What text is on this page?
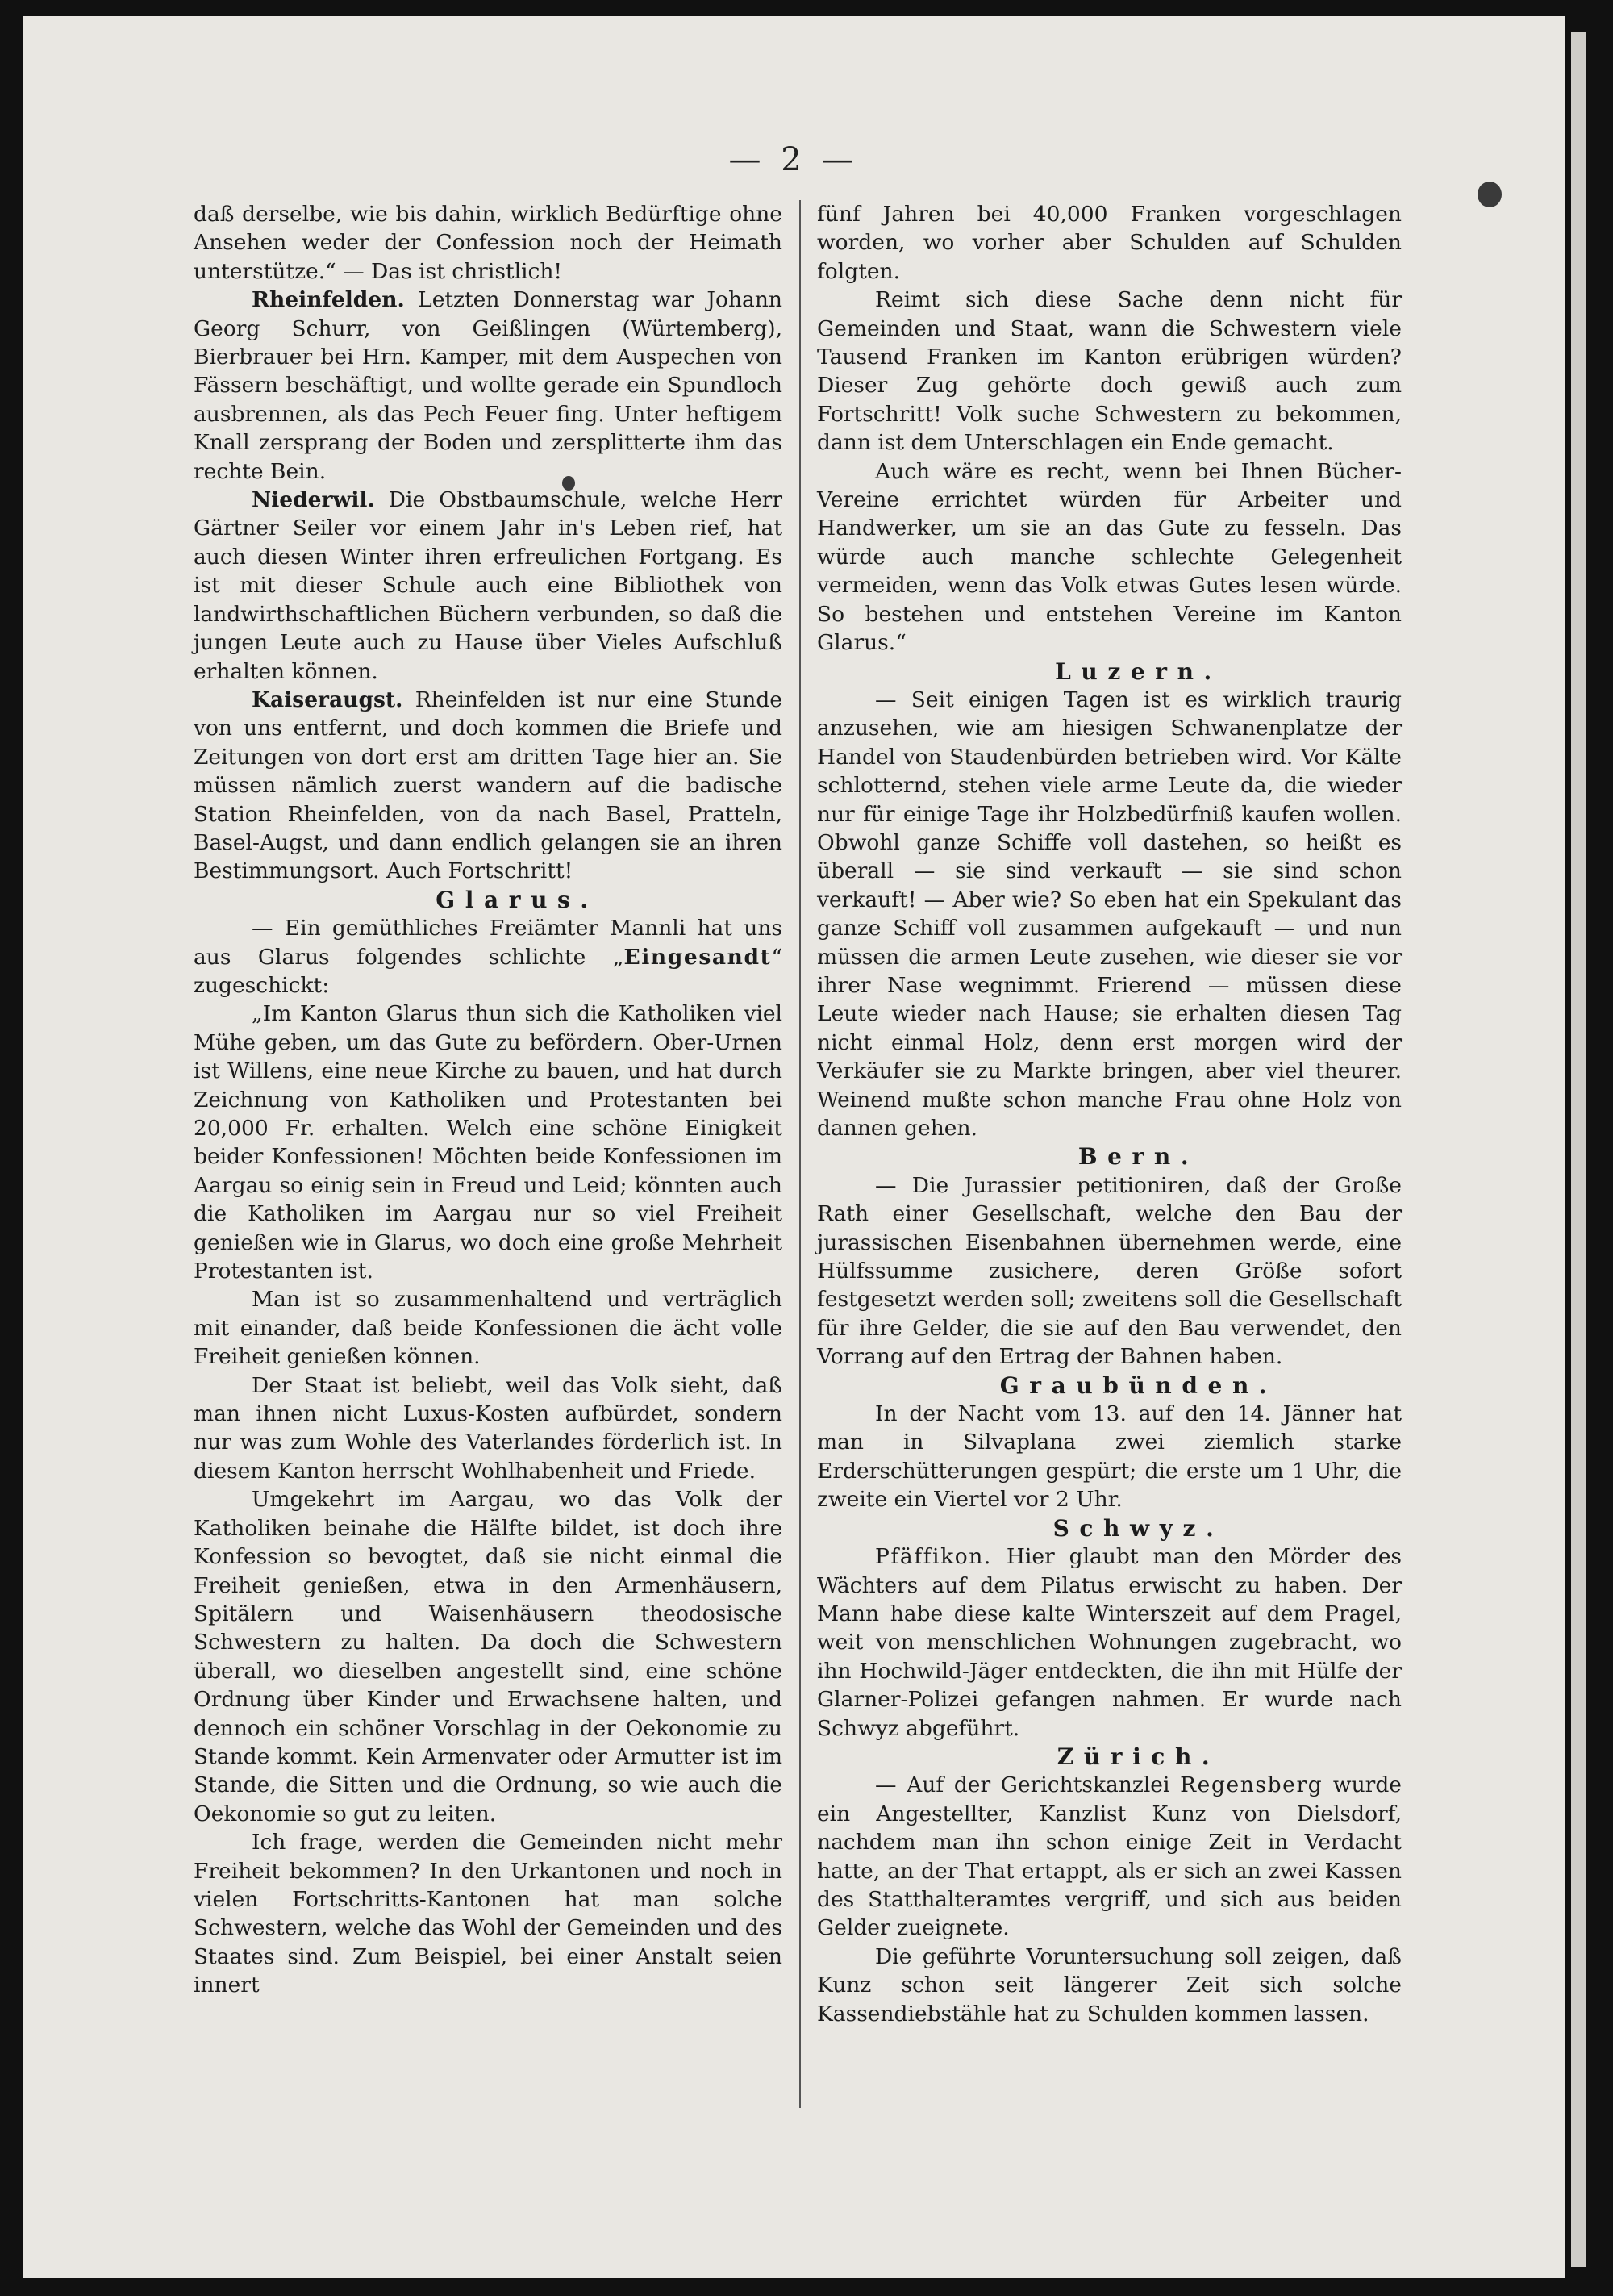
— 2 —

daß derselbe, wie bis dahin, wirklich Bedürftige ohne Ansehen weder der Confession noch der Heimath unterstütze.“ — Das ist christlich!

Rheinfelden. Letzten Donnerstag war Johann Georg Schurr, von Geißlingen (Würtemberg), Bierbrauer bei Hrn. Kamper, mit dem Auspechen von Fässern beschäftigt, und wollte gerade ein Spundloch ausbrennen, als das Pech Feuer fing. Unter heftigem Knall zersprang der Boden und zersplitterte ihm das rechte Bein.

Niederwil. Die Obstbaumschule, welche Herr Gärtner Seiler vor einem Jahr in's Leben rief, hat auch diesen Winter ihren erfreulichen Fortgang. Es ist mit dieser Schule auch eine Bibliothek von landwirthschaftlichen Büchern verbunden, so daß die jungen Leute auch zu Hause über Vieles Aufschluß erhalten können.

Kaiseraugst. Rheinfelden ist nur eine Stunde von uns entfernt, und doch kommen die Briefe und Zeitungen von dort erst am dritten Tage hier an. Sie müssen nämlich zuerst wandern auf die badische Station Rheinfelden, von da nach Basel, Pratteln, Basel-Augst, und dann endlich gelangen sie an ihren Bestimmungsort. Auch Fortschritt!

Glarus.

— Ein gemüthliches Freiämter Mannli hat uns aus Glarus folgendes schlichte „Eingesandt“ zugeschickt:

„Im Kanton Glarus thun sich die Katholiken viel Mühe geben, um das Gute zu befördern. Ober-Urnen ist Willens, eine neue Kirche zu bauen, und hat durch Zeichnung von Katholiken und Protestanten bei 20,000 Fr. erhalten. Welch eine schöne Einigkeit beider Konfessionen! Möchten beide Konfessionen im Aargau so einig sein in Freud und Leid; könnten auch die Katholiken im Aargau nur so viel Freiheit genießen wie in Glarus, wo doch eine große Mehrheit Protestanten ist.

Man ist so zusammenhaltend und verträglich mit einander, daß beide Konfessionen die ächt volle Freiheit genießen können.

Der Staat ist beliebt, weil das Volk sieht, daß man ihnen nicht Luxus-Kosten aufbürdet, sondern nur was zum Wohle des Vaterlandes förderlich ist. In diesem Kanton herrscht Wohlhabenheit und Friede.

Umgekehrt im Aargau, wo das Volk der Katholiken beinahe die Hälfte bildet, ist doch ihre Konfession so bevogtet, daß sie nicht einmal die Freiheit genießen, etwa in den Armenhäusern, Spitälern und Waisenhäusern theodosische Schwestern zu halten. Da doch die Schwestern überall, wo dieselben angestellt sind, eine schöne Ordnung über Kinder und Erwachsene halten, und dennoch ein schöner Vorschlag in der Oekonomie zu Stande kommt. Kein Armenvater oder Armutter ist im Stande, die Sitten und die Ordnung, so wie auch die Oekonomie so gut zu leiten.

Ich frage, werden die Gemeinden nicht mehr Freiheit bekommen? In den Urkantonen und noch in vielen Fortschritts-Kantonen hat man solche Schwestern, welche das Wohl der Gemeinden und des Staates sind. Zum Beispiel, bei einer Anstalt seien innert

fünf Jahren bei 40,000 Franken vorgeschlagen worden, wo vorher aber Schulden auf Schulden folgten.

Reimt sich diese Sache denn nicht für Gemeinden und Staat, wann die Schwestern viele Tausend Franken im Kanton erübrigen würden? Dieser Zug gehörte doch gewiß auch zum Fortschritt! Volk suche Schwestern zu bekommen, dann ist dem Unterschlagen ein Ende gemacht.

Auch wäre es recht, wenn bei Ihnen Bücher-Vereine errichtet würden für Arbeiter und Handwerker, um sie an das Gute zu fesseln. Das würde auch manche schlechte Gelegenheit vermeiden, wenn das Volk etwas Gutes lesen würde. So bestehen und entstehen Vereine im Kanton Glarus.“

Luzern.

— Seit einigen Tagen ist es wirklich traurig anzusehen, wie am hiesigen Schwanenplatze der Handel von Staudenbürden betrieben wird. Vor Kälte schlotternd, stehen viele arme Leute da, die wieder nur für einige Tage ihr Holzbedürfniß kaufen wollen. Obwohl ganze Schiffe voll dastehen, so heißt es überall — sie sind verkauft — sie sind schon verkauft! — Aber wie? So eben hat ein Spekulant das ganze Schiff voll zusammen aufgekauft — und nun müssen die armen Leute zusehen, wie dieser sie vor ihrer Nase wegnimmt. Frierend — müssen diese Leute wieder nach Hause; sie erhalten diesen Tag nicht einmal Holz, denn erst morgen wird der Verkäufer sie zu Markte bringen, aber viel theurer. Weinend mußte schon manche Frau ohne Holz von dannen gehen.

Bern.

— Die Jurassier petitioniren, daß der Große Rath einer Gesellschaft, welche den Bau der jurassischen Eisenbahnen übernehmen werde, eine Hülfssumme zusichere, deren Größe sofort festgesetzt werden soll; zweitens soll die Gesellschaft für ihre Gelder, die sie auf den Bau verwendet, den Vorrang auf den Ertrag der Bahnen haben.

Graubünden.

In der Nacht vom 13. auf den 14. Jänner hat man in Silvaplana zwei ziemlich starke Erderschütterungen gespürt; die erste um 1 Uhr, die zweite ein Viertel vor 2 Uhr.

Schwyz.

Pfäffikon. Hier glaubt man den Mörder des Wächters auf dem Pilatus erwischt zu haben. Der Mann habe diese kalte Winterszeit auf dem Pragel, weit von menschlichen Wohnungen zugebracht, wo ihn Hochwild-Jäger entdeckten, die ihn mit Hülfe der Glarner-Polizei gefangen nahmen. Er wurde nach Schwyz abgeführt.

Zürich.

— Auf der Gerichtskanzlei Regensberg wurde ein Angestellter, Kanzlist Kunz von Dielsdorf, nachdem man ihn schon einige Zeit in Verdacht hatte, an der That ertappt, als er sich an zwei Kassen des Statthalteramtes vergriff, und sich aus beiden Gelder zueignete.

Die geführte Voruntersuchung soll zeigen, daß Kunz schon seit längerer Zeit sich solche Kassendiebstähle hat zu Schulden kommen lassen.
